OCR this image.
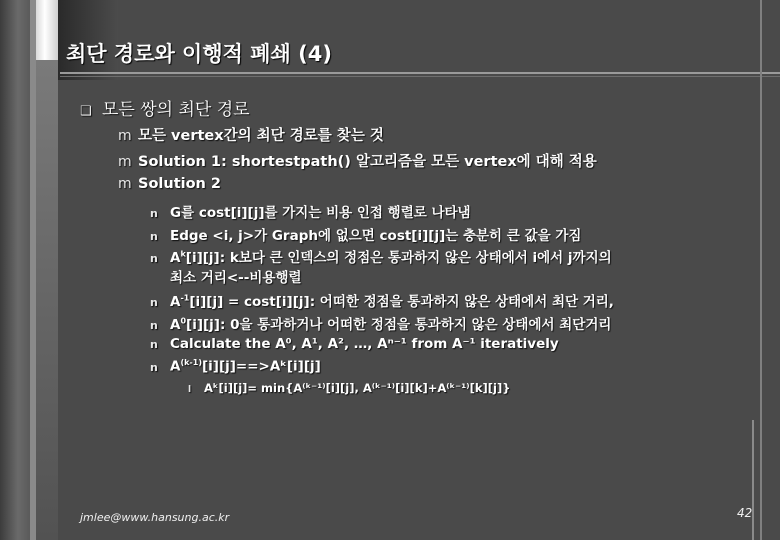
최단 경로와 이행적 폐쇄 (4)
❑ 모든 쌍의 최단 경로
m 모든 vertex간의 최단 경로를 찾는 것
m Solution 1: shortestpath() 알고리즘을 모든 vertex에 대해 적용
m Solution 2
n G를 cost[i][j]를 가지는 비용 인접 행렬로 나타냄
n Edge <i, j>가 Graph에 없으면 cost[i][j]는 충분히 큰 값을 가짐
n $A^k[i][j]$: k보다 큰 인덱스의 정점은 통과하지 않은 상태에서 i에서 j까지의
최소 거리<--비용행렬
n $A^{-1}[i][j] = \cos t[i][j]$: 어떠한 정점을 통과하지 않은 상태에서 최단 거리,
n $A^0[i][j]$: 0을 통과하거나 어떠한 정점을 통과하지 않은 상태에서 최단거리
n Calculate the A⁰, A¹, A², …, Aⁿ⁻¹ from A⁻¹ iteratively
n $A^{(k-1)}[i][j]==>Aᵏ[i][j]$
l Aᵏ[i][j]= min{A⁽ᵏ⁻¹⁾[i][j], A⁽ᵏ⁻¹⁾[i][k]+A⁽ᵏ⁻¹⁾[k][j]}
jmlee@www.hansung.ac.kr	42
